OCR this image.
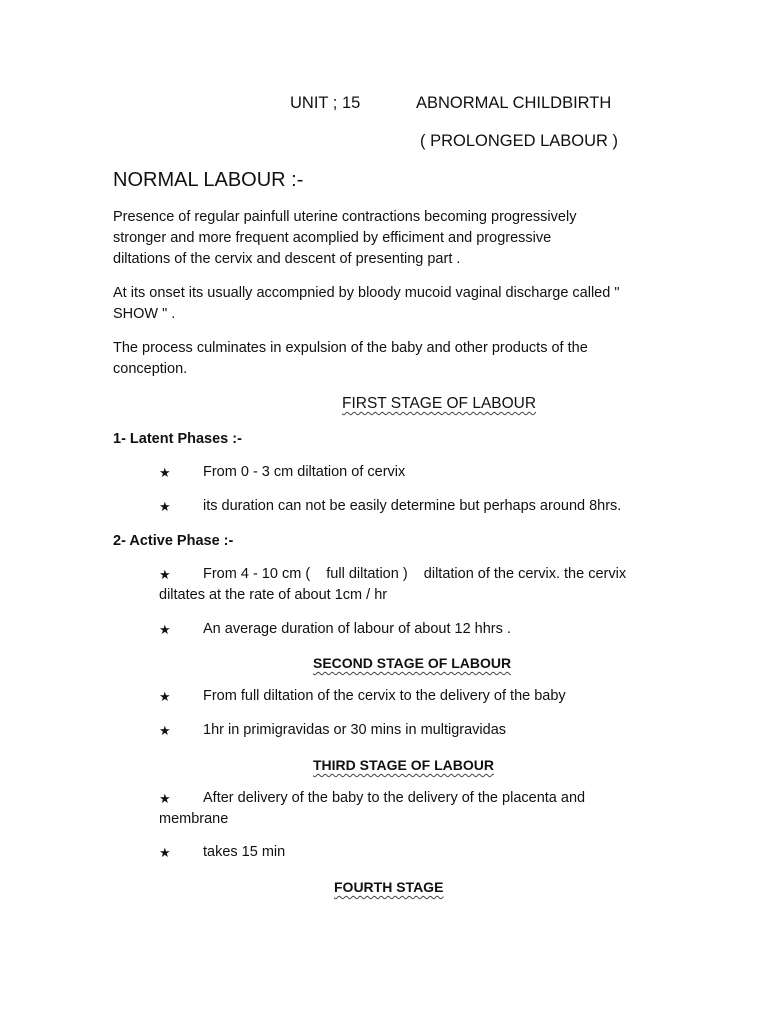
UNIT ; 15	ABNORMAL CHILDBIRTH
( PROLONGED LABOUR )
NORMAL LABOUR :-
Presence of regular painfull uterine contractions becoming progressively
stronger and more frequent acomplied by efficiment and progressive
diltations of the cervix and descent of presenting part .
At its onset its usually accompnied by bloody mucoid vaginal discharge called "
SHOW " .
The process culminates in expulsion of the baby and other products of the
conception.
FIRST STAGE OF LABOUR
1- Latent Phases :-
★ From 0 - 3 cm diltation of cervix
★ its duration can not be easily determine but perhaps around 8hrs.
2- Active Phase :-
★ From 4 - 10 cm (    full diltation )    diltation of the cervix. the cervix
diltates at the rate of about 1cm / hr
★ An average duration of labour of about 12 hhrs .
SECOND STAGE OF LABOUR
★ From full diltation of the cervix to the delivery of the baby
★ 1hr in primigravidas or 30 mins in multigravidas
THIRD STAGE OF LABOUR
★ After delivery of the baby to the delivery of the placenta and
membrane
★ takes 15 min
FOURTH STAGE
